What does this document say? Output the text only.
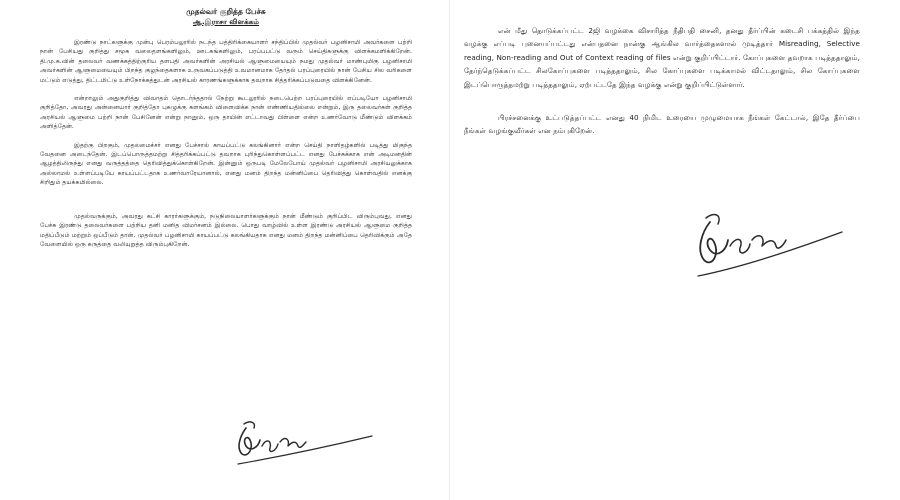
முதல்வர் குறித்த பேச்சு
ஆ.இராசா விளக்கம்

இரண்டு நாட்களுக்கு முன்பு பெரம்பலூரில் நடந்த பத்திரிக்கையாளர் சந்திப்பில் முதல்வர் பழனிசாமி அவர்களை பற்றி நான் பேசியது குறித்து சமூக வலைதளங்களிலும், ஊடகங்களிலும், பரப்பபட்டு வரும் செய்திகளுக்கு விளக்கமளிக்கிறேன். தி.மு.க.வின் தலைவர் வணக்கத்திற்குரிய தளபதி அவர்களின் அரசியல் ஆளுமையையும் நமது முதல்வர் மாண்புமிகு பழனிசாமி அவர்களின் ஆளுமையையும் பிறந்த குழந்தைகளாக உருவகப்படுத்தி உவமானமாக தேர்தல் பரப்புரையில் நான் பேசிய சில வரிகளை மட்டும் எடுத்து, திட்டமிட்டு உள்நோக்கத்துடன் அரசியல் காரணங்களுக்காக தவறாக சித்தரிக்கப்படுவதை விளக்கினேன்.

என்றாலும் அதுகுறித்து விவாதம் தொடர்ந்ததால் நேற்று கூடலூரில் நடைபெற்ற பரப்புரையில் எப்படியோ பழனிசாமி குறித்தோ, அவரது அன்னையார் குறித்தோ புகழுக்கு களங்கம் விளைவிக்க நான் எண்ணியதில்லை என்றும், இரு தலைவர்கள் குறித்த அரசியல் ஆளுமை பற்றி நான் பேசினேன் என்று நானும், ஒரு தாயின் எட்டாவது பிள்ளை என்ற உணர்வோடு மீண்டும் விளக்கம் அளித்தேன்.

இதற்கு பிறகும், முதலமைச்சர் எனது பேச்சால் காயப்பட்டு கலங்கினார் என்ற செய்தி நாளிதழ்களில் படித்து மிகுந்த வேதனை அடைந்தேன். இடப்பொருத்தமற்று சித்தரிக்கப்பட்டு தவறாக புரிந்துகொள்ளப்பட்ட எனது பேச்சுக்காக என் அடிமனதின் ஆழத்திலிருந்து எனது வருத்தத்தை தெரிவித்துக்கொள்கிறேன். இன்னும் ஒருபடி மேலேபோய் முதல்வர் பழனிசாமி அரசியலுக்காக அல்லாமல் உள்ளப்படியே காயப்பட்டதாக உணர்வாரேயானால், எனது மனம் திறந்த மன்னிப்பை தெரிவித்து கொள்வதில் எனக்கு சிறிதும் தயக்கமில்லை.

முதல்வருக்கும், அவரது கட்சி காரர்களுக்கும், நடுநிலையாளர்களுக்கும் நான் மீண்டும் குறிப்பிட விரும்புவது, எனது பேச்சு இரண்டு தலைவர்களை பற்றிய தனி மனித விமர்சனம் இல்லை. பொது வாழ்வில் உள்ள இரண்டு அரசியல் ஆளுமை குறித்த மதிப்பீடும் மற்றும் ஒப்பீடும் தான். முதல்வர் பழனிசாமி காயப்பட்டு கலங்கியதாக எனது மனம் திறந்த மன்னிப்பை தெரிவிக்கும் அதே வேளையில் ஒரு கருத்தை வலியுறுத்த விரும்புகிறேன்.

என் மீது தொடுக்கப்பட்ட 2ஜி வழக்கை விசாரித்த நீதிபதி சைனி, தனது தீர்ப்பின் கடைசி பக்கத்தில் இந்த வழக்கு எப்படி புனையப்பட்டது என்பதனை நான்கு ஆங்கில வார்த்தைகளால் முடித்தார் Misreading, Selective reading, Non-reading and Out of Context reading of files என்று குறிப்பிட்டார். கோப்புகளை தவறாக படித்ததாலும், தேர்ந்தெடுக்கப்பட்ட சிலகோப்புகளை படித்ததாலும், சில கோப்புகளை படிக்காமல் விட்டதாலும், சில கோப்புகளை இடப்பொருத்தமற்று படித்ததாலும், ஏற்பட்டதே இந்த வழக்கு என்று குறிப்பிட்டுள்ளார்.

பிரச்சனைக்கு உட்படுத்தப்பட்ட எனது 40 நிமிட உரையை முழுமையாக நீங்கள் கேட்டால், இதே தீர்ப்பை நீங்கள் வழங்குவீர்கள் என நம்புகிறேன்.
